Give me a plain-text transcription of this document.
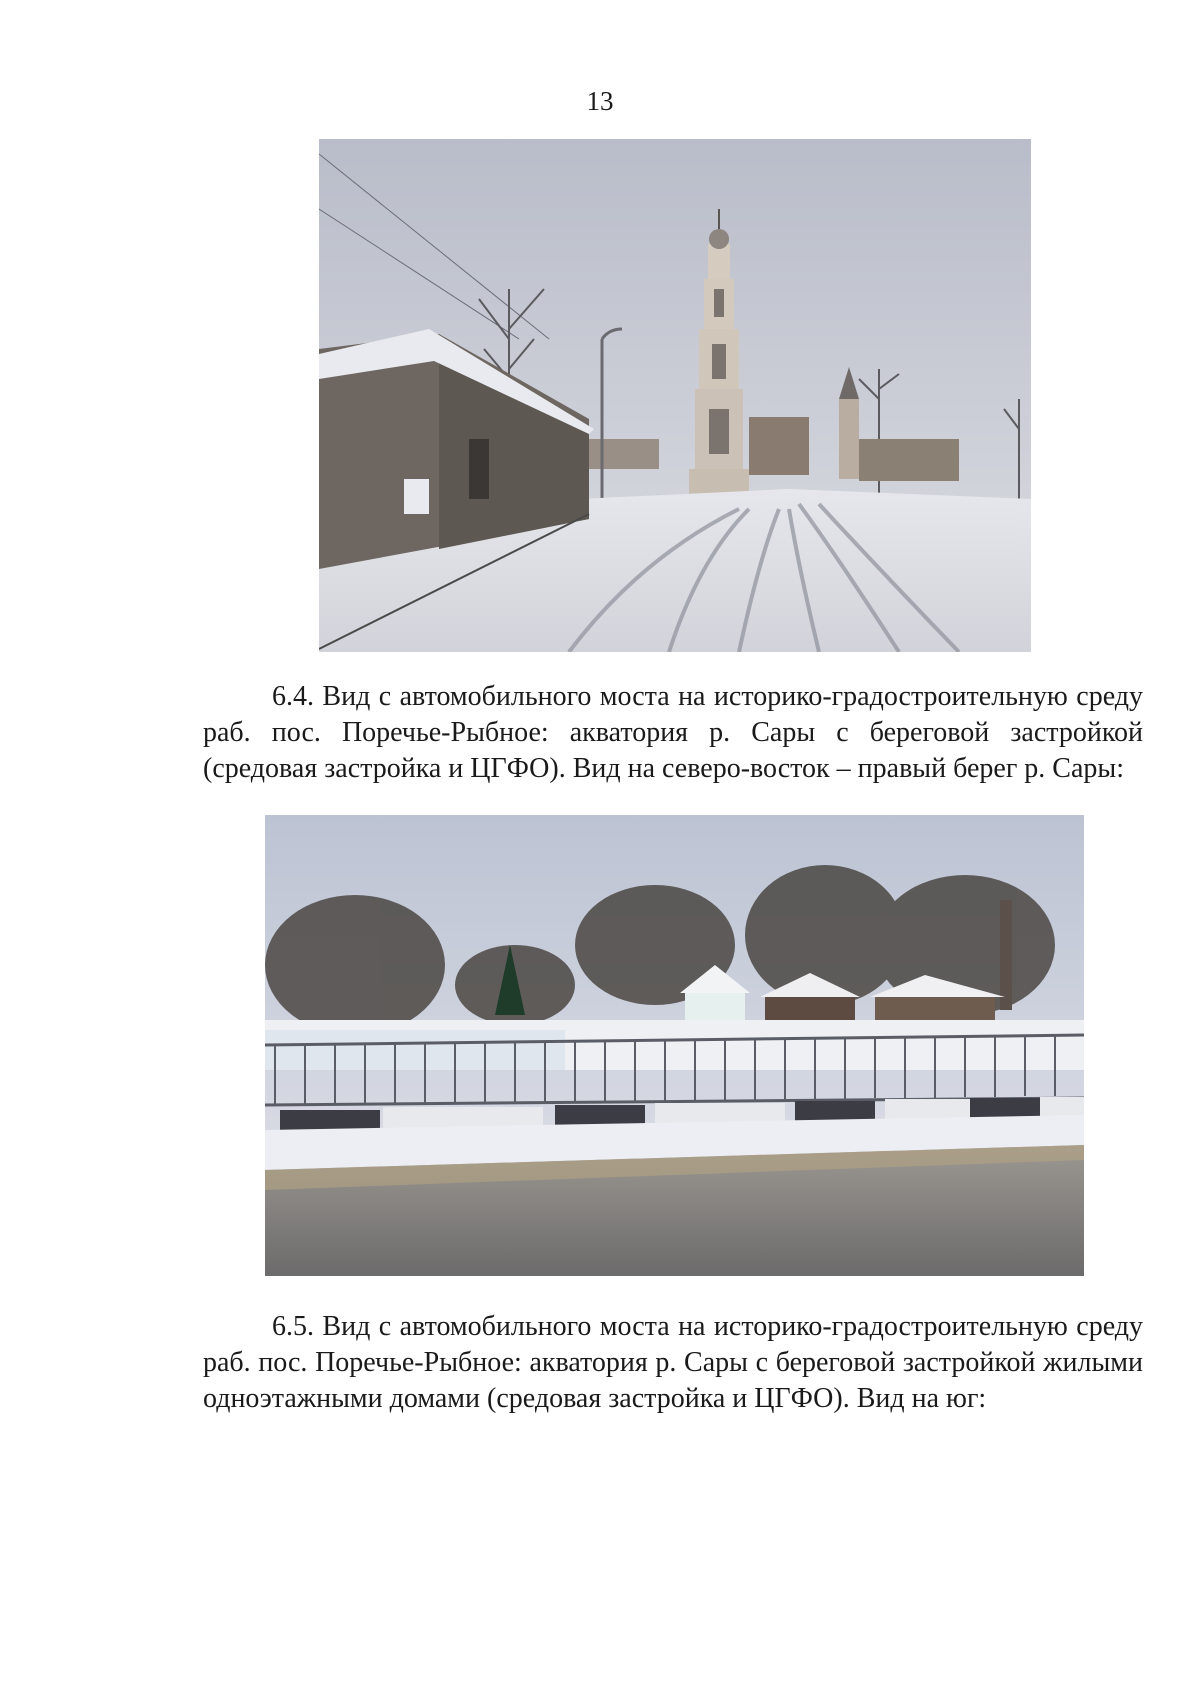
13
6.4. Вид с автомобильного моста на историко-градостроительную среду раб. пос. Поречье-Рыбное: акватория р. Сары с береговой застройкой (средовая застройка и ЦГФО). Вид на северо-восток – правый берег р. Сары:
6.5. Вид с автомобильного моста на историко-градостроительную среду раб. пос. Поречье-Рыбное: акватория р. Сары с береговой застройкой жилыми одноэтажными домами (средовая застройка и ЦГФО). Вид на юг:
